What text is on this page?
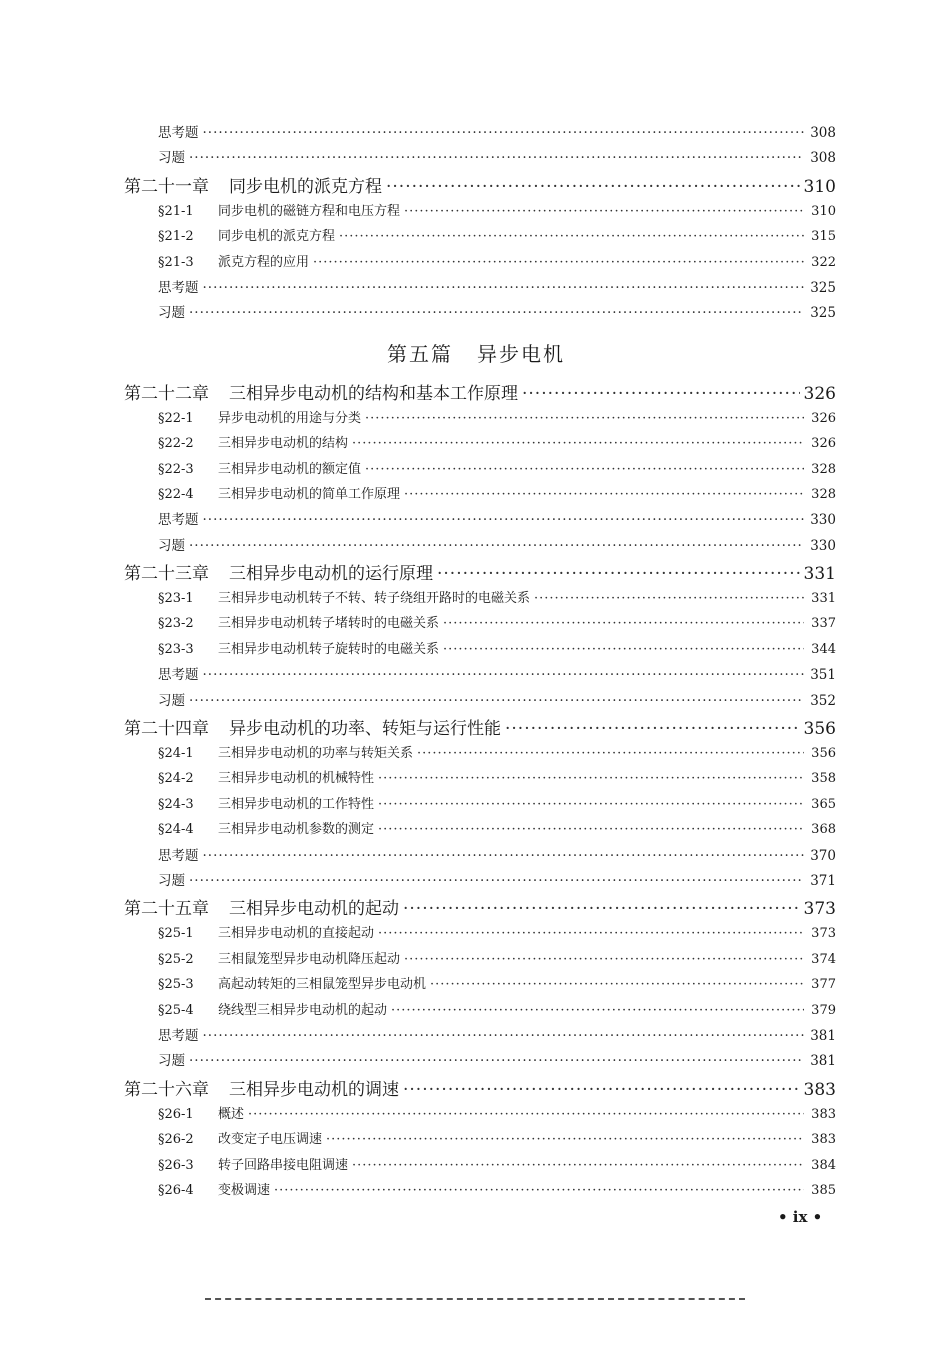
思考题 ·····	308
习题 ·····	308
第二十一章 同步电机的派克方程 ·····	310
§21-1 同步电机的磁链方程和电压方程 ·····	310
§21-2 同步电机的派克方程 ·····	315
§21-3 派克方程的应用 ·····	322
思考题 ·····	325
习题 ·····	325
第五篇 异步电机
第二十二章 三相异步电动机的结构和基本工作原理 ·····	326
§22-1 异步电动机的用途与分类 ·····	326
§22-2 三相异步电动机的结构 ·····	326
§22-3 三相异步电动机的额定值 ·····	328
§22-4 三相异步电动机的简单工作原理 ·····	328
思考题 ·····	330
习题 ·····	330
第二十三章 三相异步电动机的运行原理 ·····	331
§23-1 三相异步电动机转子不转、转子绕组开路时的电磁关系 ·····	331
§23-2 三相异步电动机转子堵转时的电磁关系 ·····	337
§23-3 三相异步电动机转子旋转时的电磁关系 ·····	344
思考题 ·····	351
习题 ·····	352
第二十四章 异步电动机的功率、转矩与运行性能 ·····	356
§24-1 三相异步电动机的功率与转矩关系 ·····	356
§24-2 三相异步电动机的机械特性 ·····	358
§24-3 三相异步电动机的工作特性 ·····	365
§24-4 三相异步电动机参数的测定 ·····	368
思考题 ·····	370
习题 ·····	371
第二十五章 三相异步电动机的起动 ·····	373
§25-1 三相异步电动机的直接起动 ·····	373
§25-2 三相鼠笼型异步电动机降压起动 ·····	374
§25-3 高起动转矩的三相鼠笼型异步电动机 ·····	377
§25-4 绕线型三相异步电动机的起动 ·····	379
思考题 ·····	381
习题 ·····	381
第二十六章 三相异步电动机的调速 ·····	383
§26-1 概述 ·····	383
§26-2 改变定子电压调速 ·····	383
§26-3 转子回路串接电阻调速 ·····	384
§26-4 变极调速 ·····	385
• ix •
